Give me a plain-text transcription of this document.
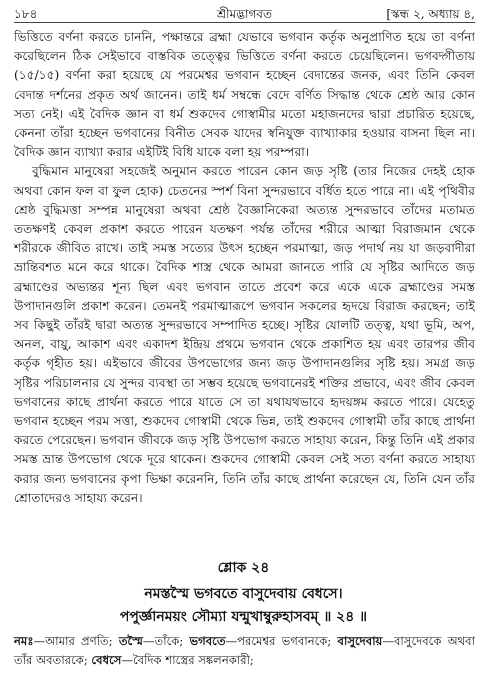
১৮৪	শ্রীমদ্ভাগবত	[স্কন্ধ ২, অধ্যায় ৪,

ভিত্তিতে বর্ণনা করতে চাননি, পক্ষান্তরে ব্রহ্মা যেভাবে ভগবান কর্তৃক অনুপ্রাণিত হয়ে তা বর্ণনা করেছিলেন ঠিক সেইভাবে বাস্তবিক তত্ত্বের ভিত্তিতে বর্ণনা করতে চেয়েছিলেন। ভগবদ্গীতায় (১৫/১৫) বর্ণনা করা হয়েছে যে পরমেশ্বর ভগবান হচ্ছেন বেদান্তের জনক, এবং তিনি কেবল বেদান্ত দর্শনের প্রকৃত অর্থ জানেন। তাই ধর্ম সম্বন্ধে বেদে বর্ণিত সিদ্ধান্ত থেকে শ্রেষ্ঠ আর কোন সত্য নেই। এই বৈদিক জ্ঞান বা ধর্ম শুকদেব গোস্বামীর মতো মহাজনদের দ্বারা প্রচারিত হয়েছে, কেননা তাঁরা হচ্ছেন ভগবানের বিনীত সেবক যাদের স্বনিযুক্ত ব্যাখ্যাকার হওয়ার বাসনা ছিল না। বৈদিক জ্ঞান ব্যাখ্যা করার এইটিই বিধি যাকে বলা হয় পরম্পরা।

বুদ্ধিমান মানুষেরা সহজেই অনুমান করতে পারেন কোন জড় সৃষ্টি (তার নিজের দেহই হোক অথবা কোন ফল বা ফুল হোক) চেতনের স্পর্শ বিনা সুন্দরভাবে বর্ধিত হতে পারে না। এই পৃথিবীর শ্রেষ্ঠ বুদ্ধিমত্তা সম্পন্ন মানুষেরা অথবা শ্রেষ্ঠ বৈজ্ঞানিকেরা অত্যন্ত সুন্দরভাবে তাঁদের মতামত ততক্ষণই কেবল প্রকাশ করতে পারেন যতক্ষণ পর্যন্ত তাঁদের শরীরে আত্মা বিরাজমান থেকে শরীরকে জীবিত রাখে। তাই সমস্ত সত্যের উৎস হচ্ছেন পরমাত্মা, জড় পদার্থ নয় যা জড়বাদীরা ভ্রান্তিবশত মনে করে থাকে। বৈদিক শাস্ত্র থেকে আমরা জানতে পারি যে সৃষ্টির আদিতে জড় ব্রহ্মাণ্ডের অভ্যন্তর শূন্য ছিল এবং ভগবান তাতে প্রবেশ করে একে একে ব্রহ্মাণ্ডের সমস্ত উপাদানগুলি প্রকাশ করেন। তেমনই পরমাত্মারূপে ভগবান সকলের হৃদয়ে বিরাজ করছেন; তাই সব কিছুই তাঁরই দ্বারা অত্যন্ত সুন্দরভাবে সম্পাদিত হচ্ছে। সৃষ্টির যোলটি তত্ত্ব, যথা ভূমি, অপ, অনল, বায়ু, আকাশ এবং একাদশ ইন্দ্রিয় প্রথমে ভগবান থেকে প্রকাশিত হয় এবং তারপর জীব কর্তৃক গৃহীত হয়। এইভাবে জীবের উপভোগের জন্য জড় উপাদানগুলির সৃষ্টি হয়। সমগ্র জড় সৃষ্টির পরিচালনার যে সুন্দর ব্যবস্থা তা সম্ভব হয়েছে ভগবানেরই শক্তির প্রভাবে, এবং জীব কেবল ভগবানের কাছে প্রার্থনা করতে পারে যাতে সে তা যথাযথভাবে হৃদয়ঙ্গম করতে পারে। যেহেতু ভগবান হচ্ছেন পরম সত্তা, শুকদেব গোস্বামী থেকে ভিন্ন, তাই শুকদেব গোস্বামী তাঁর কাছে প্রার্থনা করতে পেরেছেন। ভগবান জীবকে জড় সৃষ্টি উপভোগ করতে সাহায্য করেন, কিন্তু তিনি এই প্রকার সমস্ত ভ্রান্ত উপভোগ থেকে দূরে থাকেন। শুকদেব গোস্বামী কেবল সেই সত্য বর্ণনা করতে সাহায্য করার জন্য ভগবানের কৃপা ভিক্ষা করেননি, তিনি তাঁর কাছে প্রার্থনা করেছেন যে, তিনি যেন তাঁর শ্রোতাদেরও সাহায্য করেন।

শ্লোক ২৪
নমস্তস্মৈ ভগবতে বাসুদেবায় বেধসে।
পপুর্জ্ঞানময়ং সৌম্যা যন্মুখাম্বুরুহাসবম্ ॥ ২৪ ॥
নমঃ—আমার প্রণতি; তস্মৈ—তাঁকে; ভগবতে—পরমেশ্বর ভগবানকে; বাসুদেবায়—বাসুদেবকে অথবা তাঁর অবতারকে; বেধসে—বৈদিক শাস্ত্রের সঙ্কলনকারী;
